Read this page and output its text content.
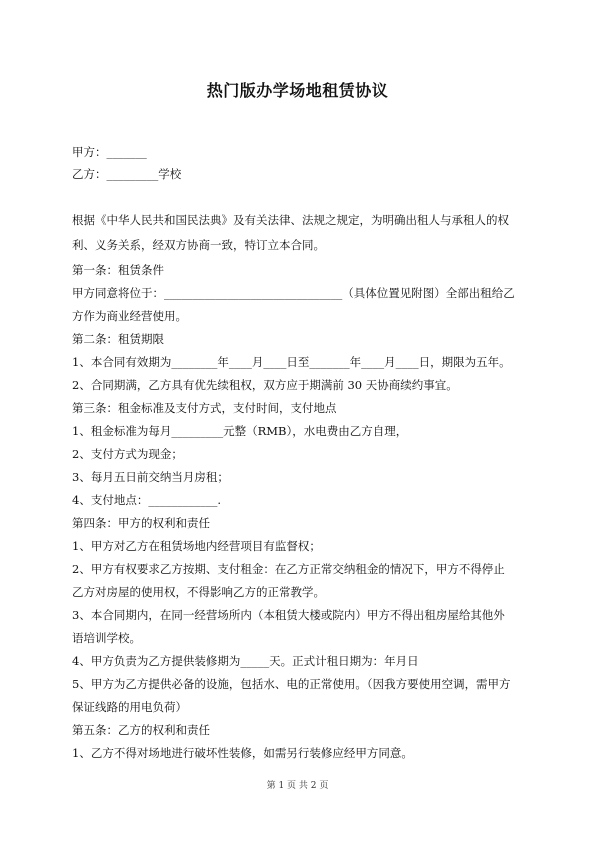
热门版办学场地租赁协议
甲方：_______
乙方：_________学校
根据《中华人民共和国民法典》及有关法律、法规之规定，为明确出租人与承租人的权
利、义务关系，经双方协商一致，特订立本合同。
第一条：租赁条件
甲方同意将位于：_______________________________（具体位置见附图）全部出租给乙
方作为商业经营使用。
第二条：租赁期限
1、本合同有效期为________年____月____日至_______年____月____日，期限为五年。
2、合同期满，乙方具有优先续租权，双方应于期满前 30 天协商续约事宜。
第三条：租金标准及支付方式，支付时间，支付地点
1、租金标准为每月_________元整（RMB），水电费由乙方自理，
2、支付方式为现金；
3、每月五日前交纳当月房租；
4、支付地点：____________.
第四条：甲方的权利和责任
1、甲方对乙方在租赁场地内经营项目有监督权；
2、甲方有权要求乙方按期、支付租金：在乙方正常交纳租金的情况下，甲方不得停止
乙方对房屋的使用权，不得影响乙方的正常教学。
3、本合同期内，在同一经营场所内（本租赁大楼或院内）甲方不得出租房屋给其他外
语培训学校。
4、甲方负责为乙方提供装修期为_____天。正式计租日期为：年月日
5、甲方为乙方提供必备的设施，包括水、电的正常使用。（因我方要使用空调，需甲方
保证线路的用电负荷）
第五条：乙方的权利和责任
1、乙方不得对场地进行破坏性装修，如需另行装修应经甲方同意。
第 1 页 共 2 页
